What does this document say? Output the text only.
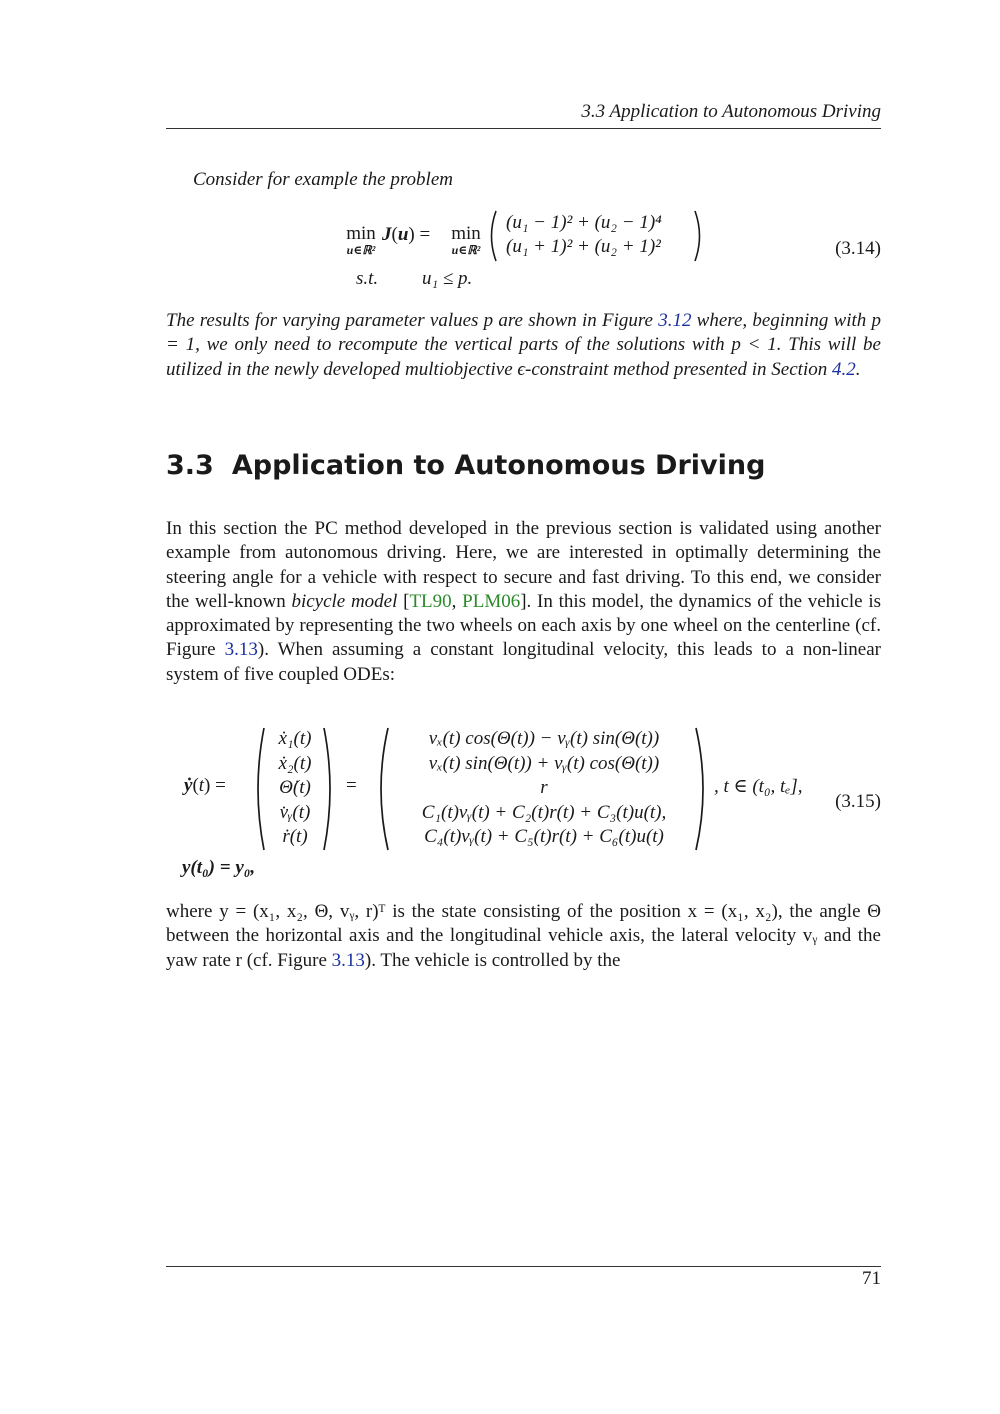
3.3 Application to Autonomous Driving
Consider for example the problem
min
u∈ℝ²
J(u) = min
u∈ℝ²
(u₁ − 1)² + (u₂ − 1)⁴
(u₁ + 1)² + (u₂ + 1)²
s.t. u₁ ≤ p.
(3.14)
The results for varying parameter values p are shown in Figure 3.12 where, beginning with p = 1, we only need to recompute the vertical parts of the solutions with p < 1. This will be utilized in the newly developed multiobjective ϵ-constraint method presented in Section 4.2.
3.3 Application to Autonomous Driving
In this section the PC method developed in the previous section is validated using another example from autonomous driving. Here, we are interested in optimally determining the steering angle for a vehicle with respect to secure and fast driving. To this end, we consider the well-known bicycle model [TL90, PLM06]. In this model, the dynamics of the vehicle is approximated by representing the two wheels on each axis by one wheel on the centerline (cf. Figure 3.13). When assuming a constant longitudinal velocity, this leads to a non-linear system of five coupled ODEs:
ẏ(t) =
ẋ₁(t)
ẋ₂(t)
Θ̇(t)
v̇ᵧ(t)
ṙ(t)
=
vₓ(t) cos(Θ(t)) − vᵧ(t) sin(Θ(t))
vₓ(t) sin(Θ(t)) + vᵧ(t) cos(Θ(t))
r
C₁(t)vᵧ(t) + C₂(t)r(t) + C₃(t)u(t),
C₄(t)vᵧ(t) + C₅(t)r(t) + C₆(t)u(t)
, t ∈ (t₀, tₑ],
(3.15)
y(t₀) = y₀,
where y = (x₁, x₂, Θ, vᵧ, r)ᵀ is the state consisting of the position x = (x₁, x₂), the angle Θ between the horizontal axis and the longitudinal vehicle axis, the lateral velocity vᵧ and the yaw rate r (cf. Figure 3.13). The vehicle is controlled by the
71
